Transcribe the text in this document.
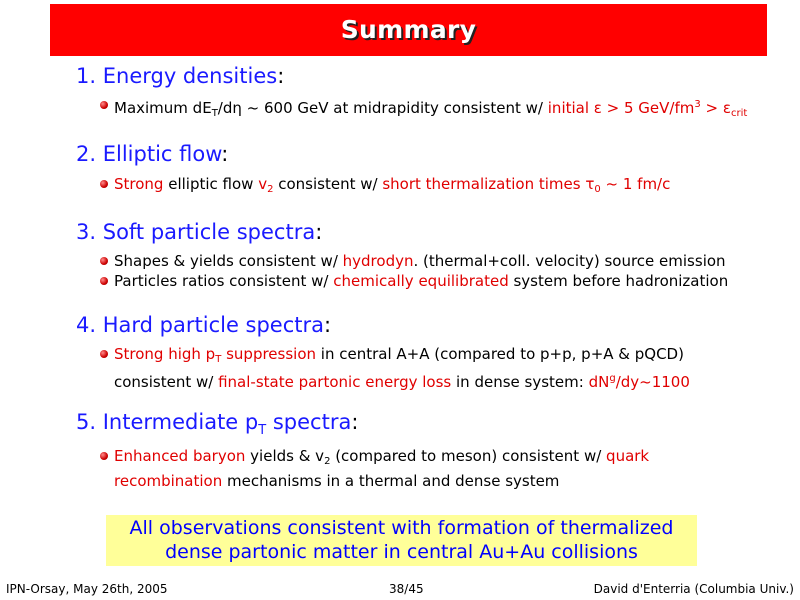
Summary
1. Energy densities:
Maximum $dE_T/d\eta$ ~ 600 GeV at midrapidity consistent w/ initial ε > 5 GeV/$fm^3 > \varepsilon_{crit}$
2. Elliptic flow:
Strong elliptic flow $v_2$ consistent w/ short thermalization times $\tau_0$ ~ 1 fm/c
3. Soft particle spectra:
Shapes & yields consistent w/ hydrodyn. (thermal+coll. velocity) source emission
Particles ratios consistent w/ chemically equilibrated system before hadronization
4. Hard particle spectra:
Strong high $p_T$ suppression in central A+A (compared to p+p, p+A & pQCD)
consistent w/ final-state partonic energy loss in dense system: $dN^g/dy\sim 1100$
5. Intermediate $p_T$ spectra:
Enhanced baryon yields & $v_2$ (compared to meson) consistent w/ quark
recombination mechanisms in a thermal and dense system
All observations consistent with formation of thermalized
dense partonic matter in central Au+Au collisions
IPN-Orsay, May 26th, 2005	38/45	David d'Enterria (Columbia Univ.)
